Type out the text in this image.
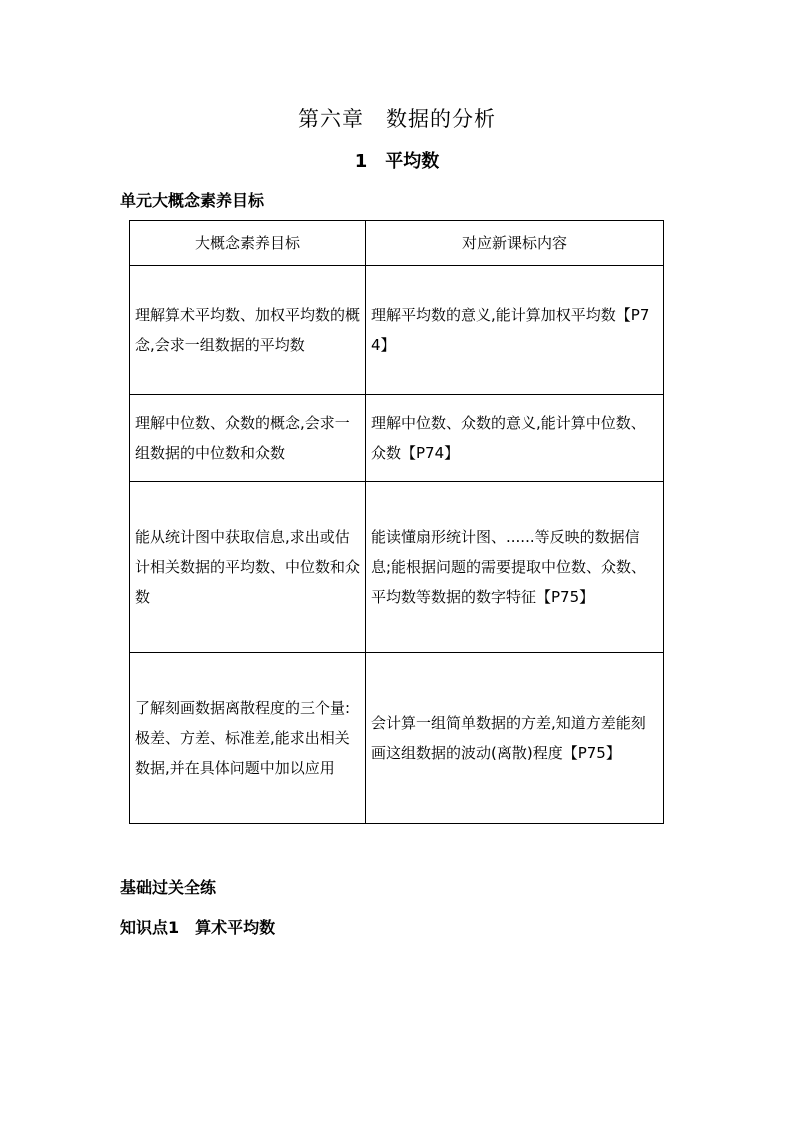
第六章　数据的分析
1　平均数
单元大概念素养目标
大概念素养目标	对应新课标内容
理解算术平均数、加权平均数的概念,会求一组数据的平均数	理解平均数的意义,能计算加权平均数【P74】
理解中位数、众数的概念,会求一组数据的中位数和众数	理解中位数、众数的意义,能计算中位数、众数【P74】
能从统计图中获取信息,求出或估计相关数据的平均数、中位数和众数	能读懂扇形统计图、......等反映的数据信息;能根据问题的需要提取中位数、众数、平均数等数据的数字特征【P75】
了解刻画数据离散程度的三个量:极差、方差、标准差,能求出相关数据,并在具体问题中加以应用	会计算一组简单数据的方差,知道方差能刻画这组数据的波动(离散)程度【P75】
基础过关全练
知识点1　算术平均数
